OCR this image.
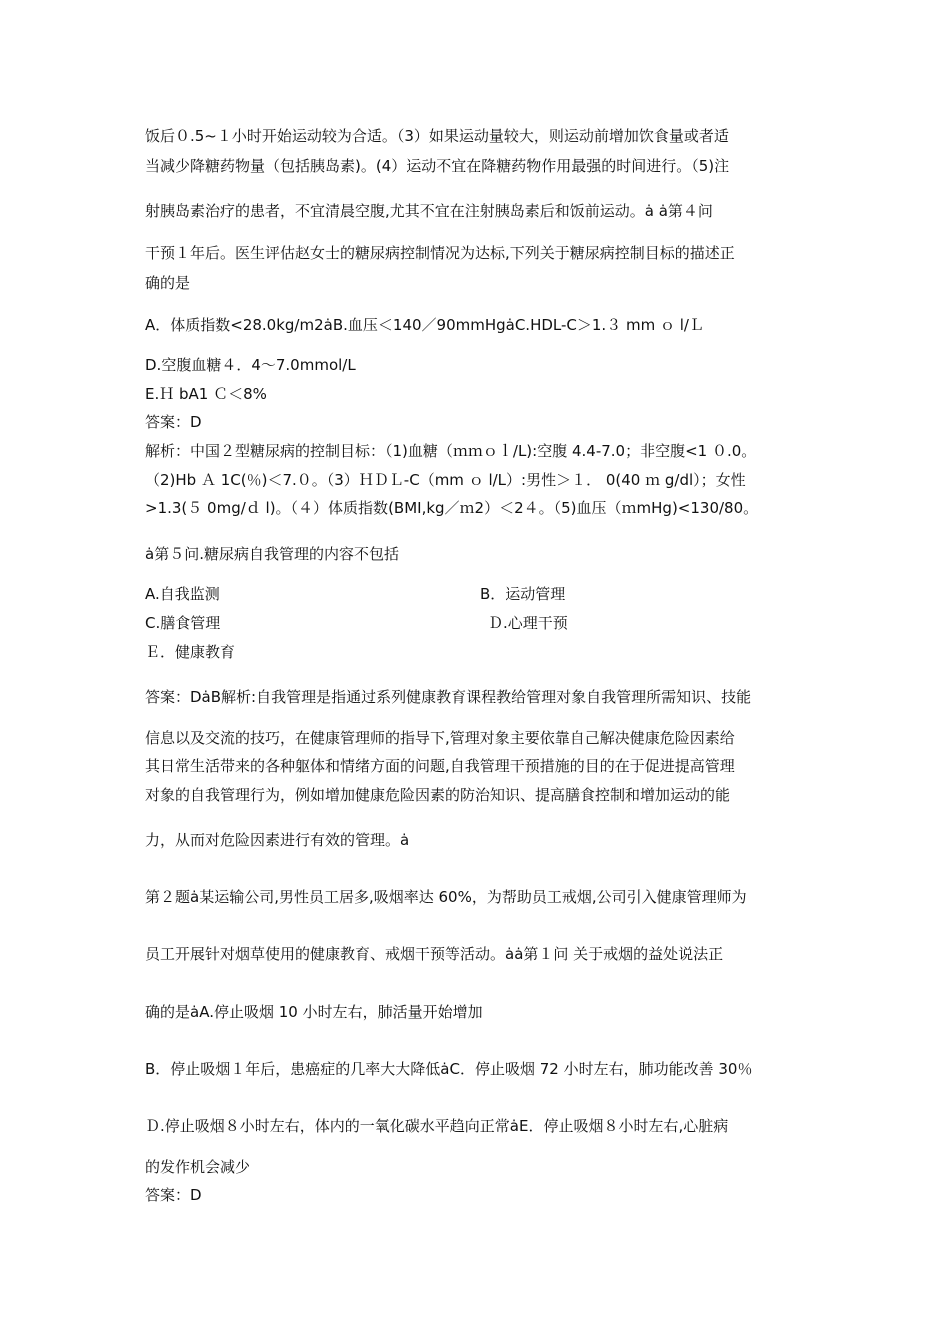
饭后０.5~１小时开始运动较为合适。（3）如果运动量较大，则运动前增加饮食量或者适
当减少降糖药物量（包括胰岛素)。(4）运动不宜在降糖药物作用最强的时间进行。（5)注
射胰岛素治疗的患者，不宜清晨空腹,尤其不宜在注射胰岛素后和饭前运动。ȧ ȧ第４问
干预１年后。医生评估赵女士的糖尿病控制情况为达标,下列关于糖尿病控制目标的描述正
确的是
A．体质指数<28.0kg/m2ȧB.血压＜140／90mmHgȧC.HDL-C＞1.３ mm ｏ l/Ｌ
D.空腹血糖４．4～7.0mmol/L
E.Ｈ bA1 Ｃ＜8%
答案：D
解析：中国２型糖尿病的控制目标：（1)血糖（ｍｍｏｌ/L):空腹 4.4-7.0；非空腹<1 ０.0。
（2)Hb Ａ 1C(％)＜7.０。（3）ＨＤＬ-C（mm ｏ l/L）:男性＞１． 0(40 ｍ g/dl）；女性
>1.3(５ 0mg/ｄ l)。（４）体质指数(BMI,kg／ｍ2）＜2４。（5)血压（ｍmHg)<130/80。
ȧ第５问.糖尿病自我管理的内容不包括
A.自我监测	B．运动管理
C.膳食管理	Ｄ.心理干预
Ｅ．健康教育
答案：DȧB解析:自我管理是指通过系列健康教育课程教给管理对象自我管理所需知识、技能
信息以及交流的技巧，在健康管理师的指导下,管理对象主要依靠自己解决健康危险因素给
其日常生活带来的各种躯体和情绪方面的问题,自我管理干预措施的目的在于促进提高管理
对象的自我管理行为，例如增加健康危险因素的防治知识、提高膳食控制和增加运动的能
力，从而对危险因素进行有效的管理。ȧ
第２题ȧ某运输公司,男性员工居多,吸烟率达 60%，为帮助员工戒烟,公司引入健康管理师为
员工开展针对烟草使用的健康教育、戒烟干预等活动。ȧȧ第１问 关于戒烟的益处说法正
确的是ȧA.停止吸烟 10 小时左右，肺活量开始增加
B．停止吸烟１年后，患癌症的几率大大降低ȧC．停止吸烟 72 小时左右，肺功能改善 30％
Ｄ.停止吸烟８小时左右，体内的一氧化碳水平趋向正常ȧE．停止吸烟８小时左右,心脏病
的发作机会减少
答案：D
